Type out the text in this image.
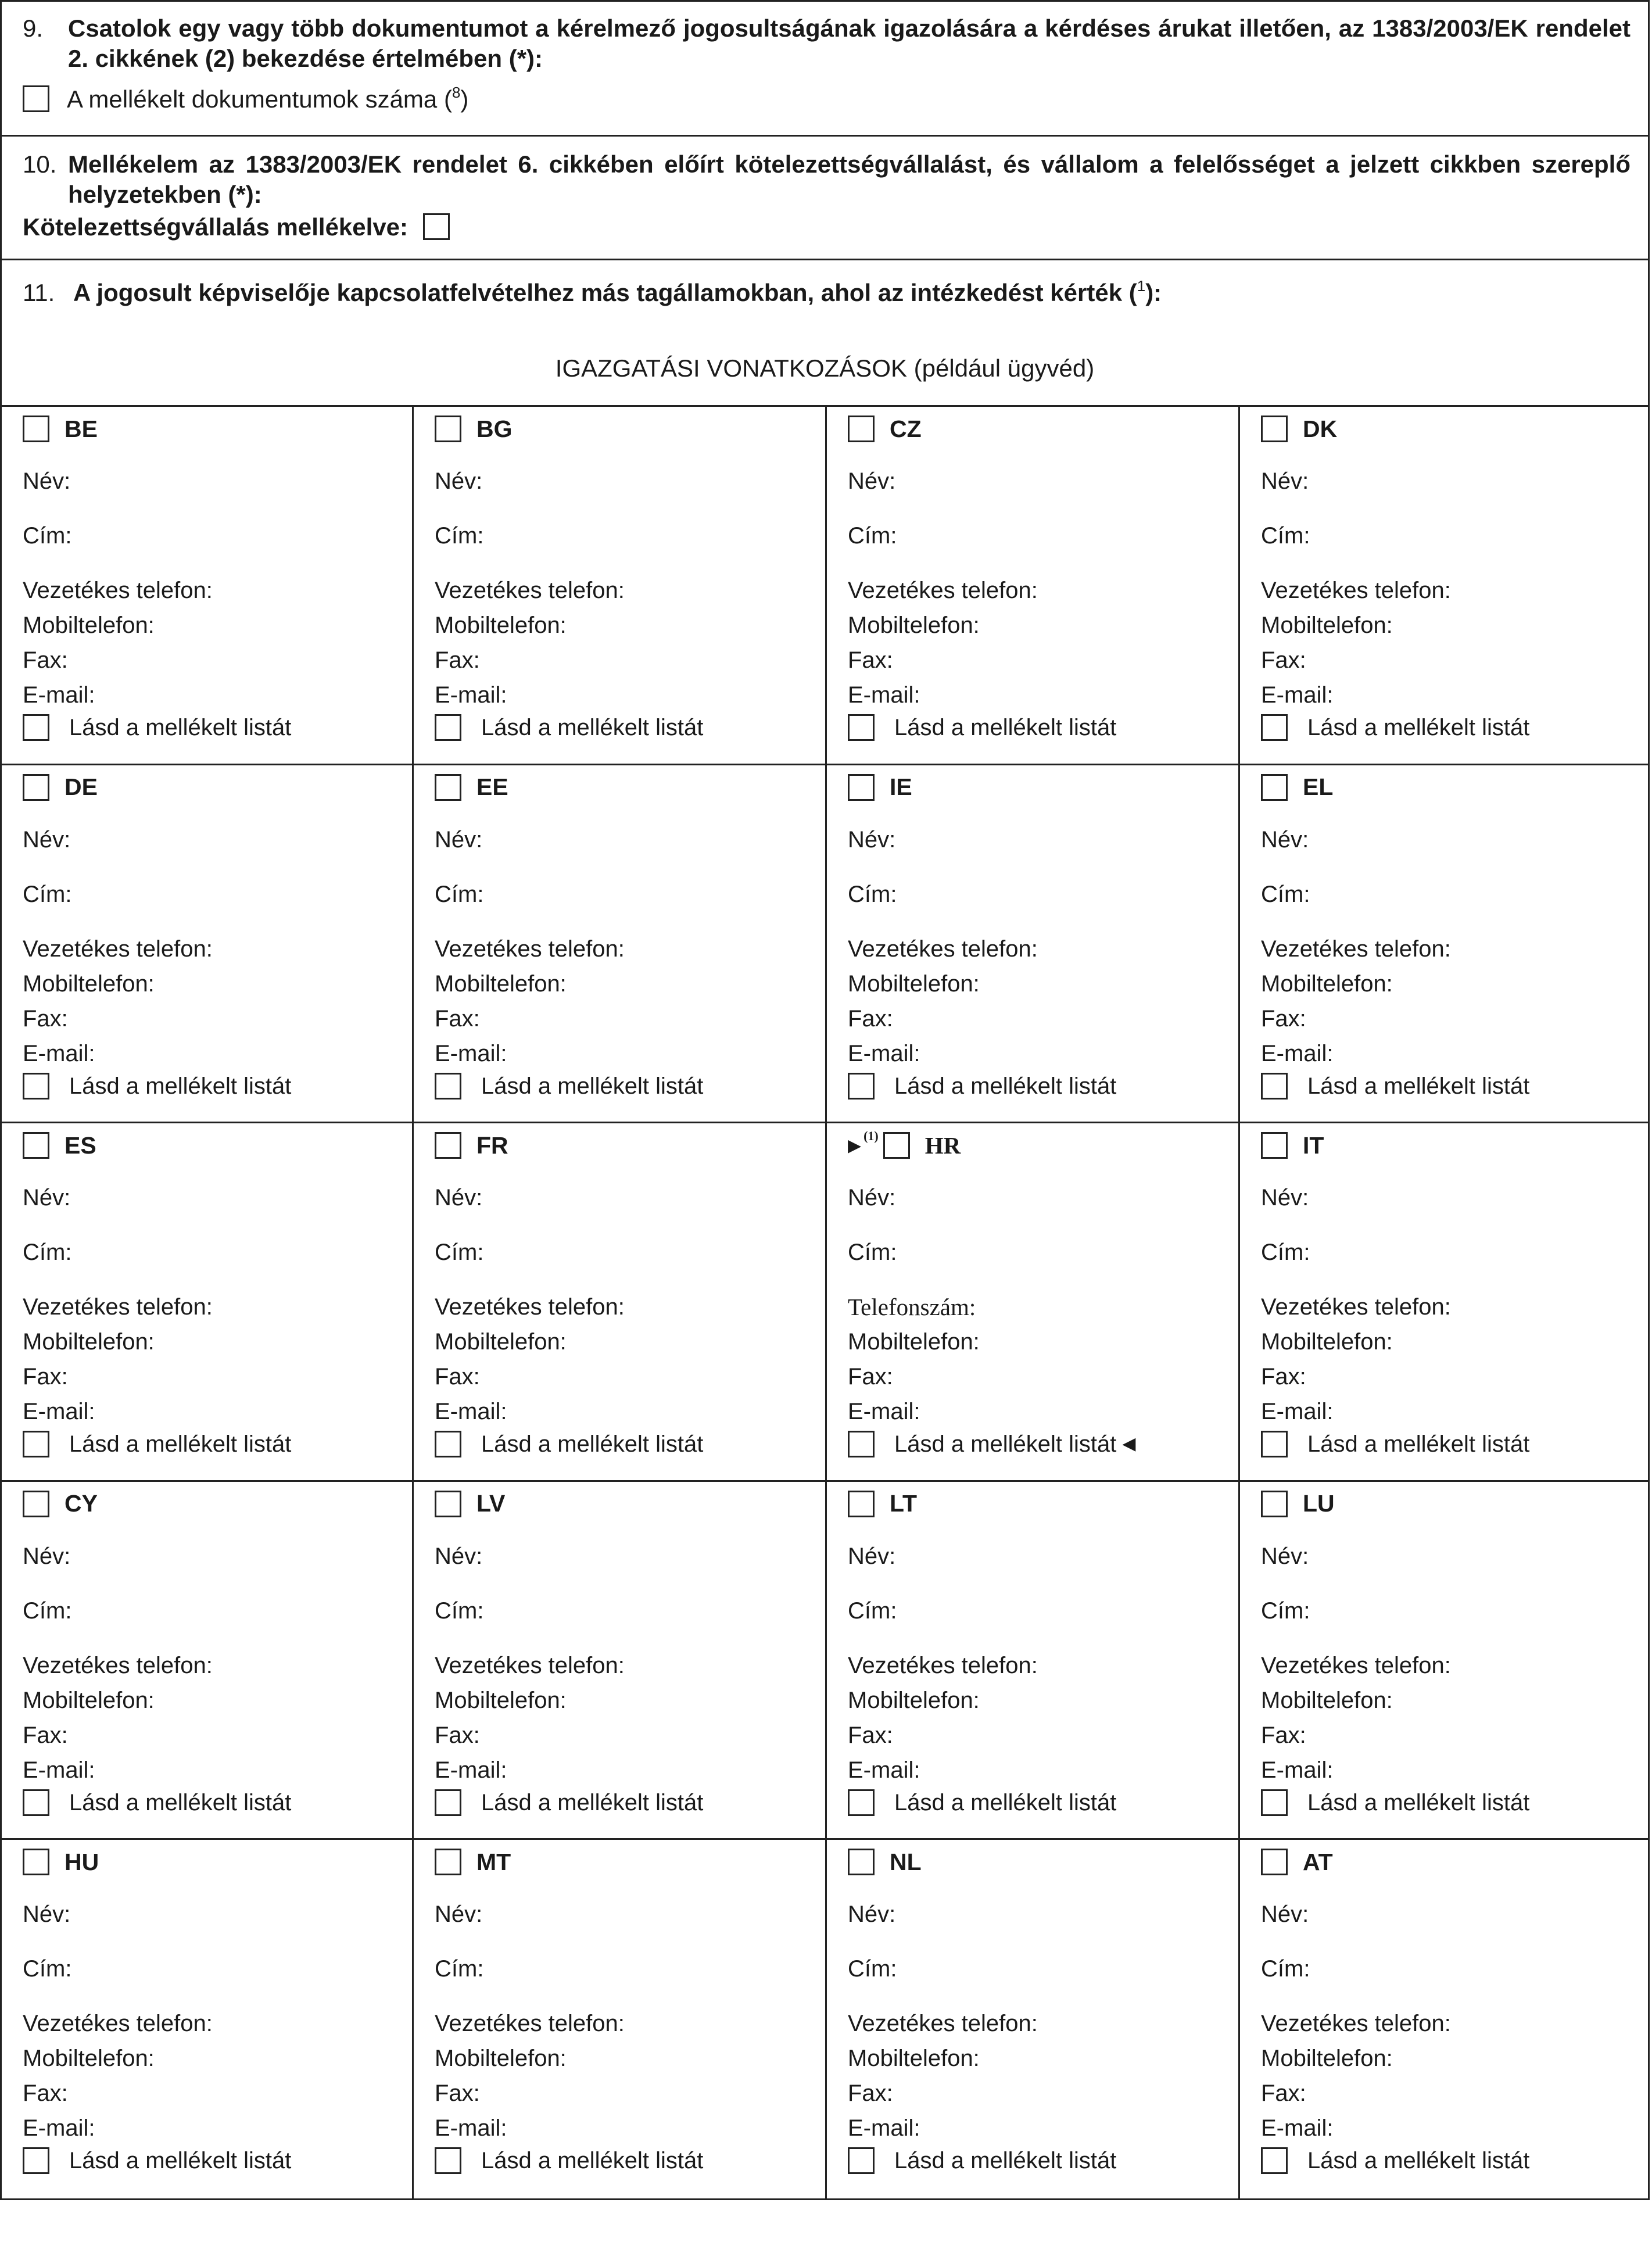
9. Csatolok egy vagy több dokumentumot a kérelmező jogosultságának igazolására a kérdéses árukat illetően, az 1383/2003/EK rendelet 2. cikkének (2) bekezdése értelmében (*):
A mellékelt dokumentumok száma ($^8$)
10. Mellékelem az 1383/2003/EK rendelet 6. cikkében előírt kötelezettségvállalást, és vállalom a felelősséget a jelzett cikkben szereplő helyzetekben (*):
Kötelezettségvállalás mellékelve:
11. A jogosult képviselője kapcsolatfelvételhez más tagállamokban, ahol az intézkedést kérték ($^1$):
IGAZGATÁSI VONATKOZÁSOK (például ügyvéd)
BE
Név:
Cím:
Vezetékes telefon:
Mobiltelefon:
Fax:
E-mail:
Lásd a mellékelt listát
BG
Név:
Cím:
Vezetékes telefon:
Mobiltelefon:
Fax:
E-mail:
Lásd a mellékelt listát
CZ
Név:
Cím:
Vezetékes telefon:
Mobiltelefon:
Fax:
E-mail:
Lásd a mellékelt listát
DK
Név:
Cím:
Vezetékes telefon:
Mobiltelefon:
Fax:
E-mail:
Lásd a mellékelt listát
DE
Név:
Cím:
Vezetékes telefon:
Mobiltelefon:
Fax:
E-mail:
Lásd a mellékelt listát
EE
Név:
Cím:
Vezetékes telefon:
Mobiltelefon:
Fax:
E-mail:
Lásd a mellékelt listát
IE
Név:
Cím:
Vezetékes telefon:
Mobiltelefon:
Fax:
E-mail:
Lásd a mellékelt listát
EL
Név:
Cím:
Vezetékes telefon:
Mobiltelefon:
Fax:
E-mail:
Lásd a mellékelt listát
ES
Név:
Cím:
Vezetékes telefon:
Mobiltelefon:
Fax:
E-mail:
Lásd a mellékelt listát
FR
Név:
Cím:
Vezetékes telefon:
Mobiltelefon:
Fax:
E-mail:
Lásd a mellékelt listát
▶ (1) HR
Név:
Cím:
Telefonszám:
Mobiltelefon:
Fax:
E-mail:
Lásd a mellékelt listát ◀
IT
Név:
Cím:
Vezetékes telefon:
Mobiltelefon:
Fax:
E-mail:
Lásd a mellékelt listát
CY
Név:
Cím:
Vezetékes telefon:
Mobiltelefon:
Fax:
E-mail:
Lásd a mellékelt listát
LV
Név:
Cím:
Vezetékes telefon:
Mobiltelefon:
Fax:
E-mail:
Lásd a mellékelt listát
LT
Név:
Cím:
Vezetékes telefon:
Mobiltelefon:
Fax:
E-mail:
Lásd a mellékelt listát
LU
Név:
Cím:
Vezetékes telefon:
Mobiltelefon:
Fax:
E-mail:
Lásd a mellékelt listát
HU
Név:
Cím:
Vezetékes telefon:
Mobiltelefon:
Fax:
E-mail:
Lásd a mellékelt listát
MT
Név:
Cím:
Vezetékes telefon:
Mobiltelefon:
Fax:
E-mail:
Lásd a mellékelt listát
NL
Név:
Cím:
Vezetékes telefon:
Mobiltelefon:
Fax:
E-mail:
Lásd a mellékelt listát
AT
Név:
Cím:
Vezetékes telefon:
Mobiltelefon:
Fax:
E-mail:
Lásd a mellékelt listát
